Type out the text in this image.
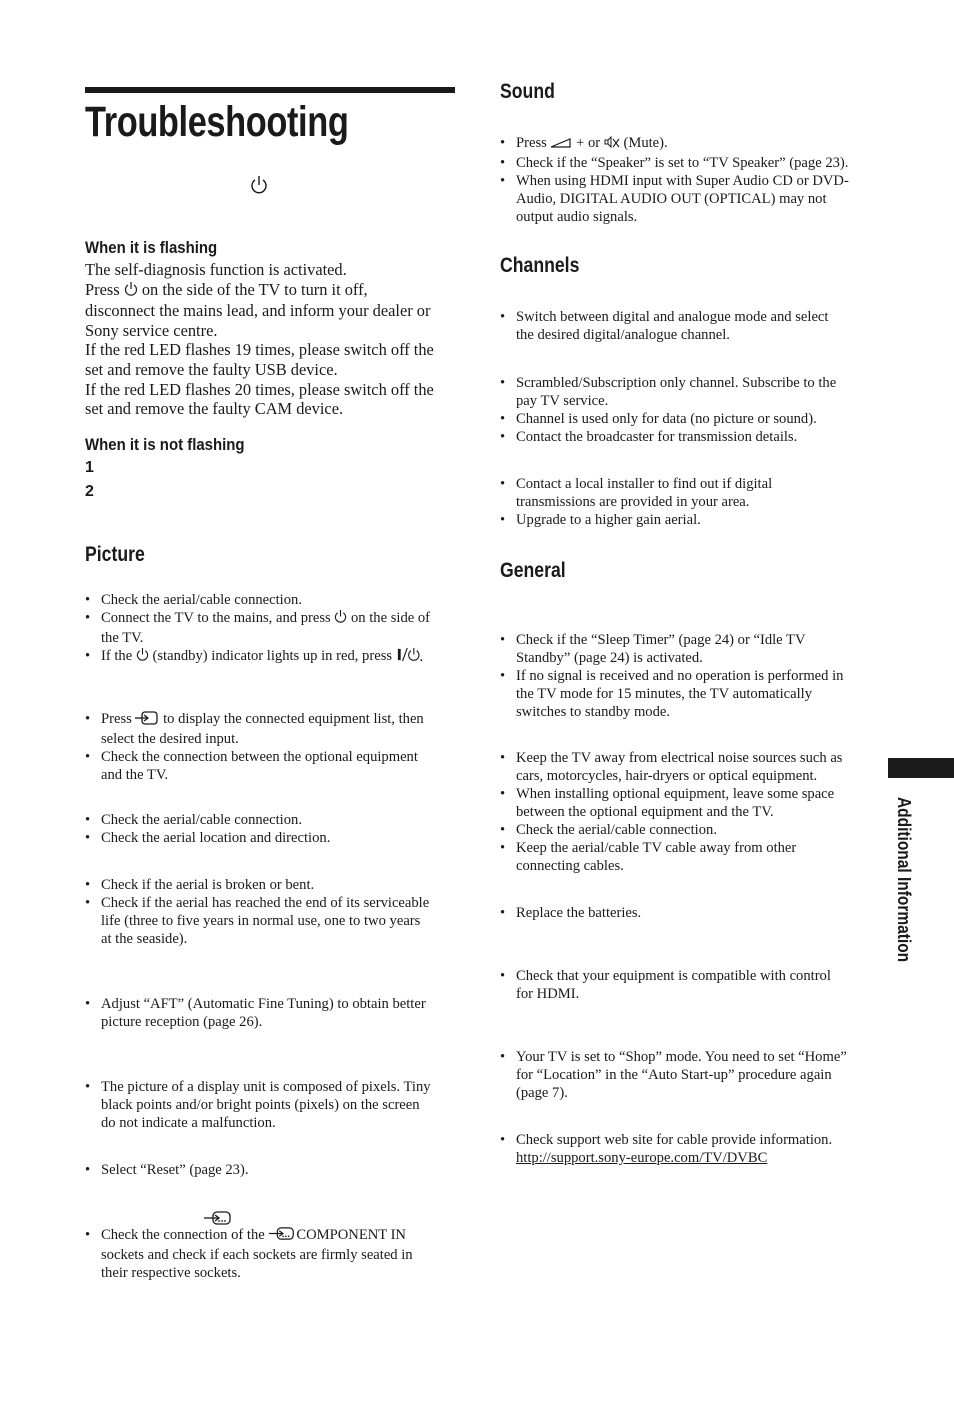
Troubleshooting
When it is flashing
The self-diagnosis function is activated.
Press on the side of the TV to turn it off,
disconnect the mains lead, and inform your dealer or
Sony service centre.
If the red LED flashes 19 times, please switch off the
set and remove the faulty USB device.
If the red LED flashes 20 times, please switch off the
set and remove the faulty CAM device.
When it is not flashing
1
2
Picture
• Check the aerial/cable connection.
• Connect the TV to the mains, and press on the side of
the TV.
• If the (standby) indicator lights up in red, press
• Press to display the connected equipment list, then
select the desired input.
• Check the connection between the optional equipment
and the TV.
• Check the aerial/cable connection.
• Check the aerial location and direction.
• Check if the aerial is broken or bent.
• Check if the aerial has reached the end of its serviceable
life (three to five years in normal use, one to two years
at the seaside).
• Adjust “AFT” (Automatic Fine Tuning) to obtain better
picture reception (page 26).
• The picture of a display unit is composed of pixels. Tiny
black points and/or bright points (pixels) on the screen
do not indicate a malfunction.
• Select “Reset” (page 23).
• Check the connection of the COMPONENT IN
sockets and check if each sockets are firmly seated in
their respective sockets.
Sound
• Press + or (Mute).
• Check if the “Speaker” is set to “TV Speaker” (page 23).
• When using HDMI input with Super Audio CD or DVD-
Audio, DIGITAL AUDIO OUT (OPTICAL) may not
output audio signals.
Channels
• Switch between digital and analogue mode and select
the desired digital/analogue channel.
• Scrambled/Subscription only channel. Subscribe to the
pay TV service.
• Channel is used only for data (no picture or sound).
• Contact the broadcaster for transmission details.
• Contact a local installer to find out if digital
transmissions are provided in your area.
• Upgrade to a higher gain aerial.
General
• Check if the “Sleep Timer” (page 24) or “Idle TV
Standby” (page 24) is activated.
• If no signal is received and no operation is performed in
the TV mode for 15 minutes, the TV automatically
switches to standby mode.
• Keep the TV away from electrical noise sources such as
cars, motorcycles, hair-dryers or optical equipment.
• When installing optional equipment, leave some space
between the optional equipment and the TV.
• Check the aerial/cable connection.
• Keep the aerial/cable TV cable away from other
connecting cables.
• Replace the batteries.
• Check that your equipment is compatible with control
for HDMI.
• Your TV is set to “Shop” mode. You need to set “Home”
for “Location” in the “Auto Start-up” procedure again
(page 7).
• Check support web site for cable provide information.
http://support.sony-europe.com/TV/DVBC
Additional Information
